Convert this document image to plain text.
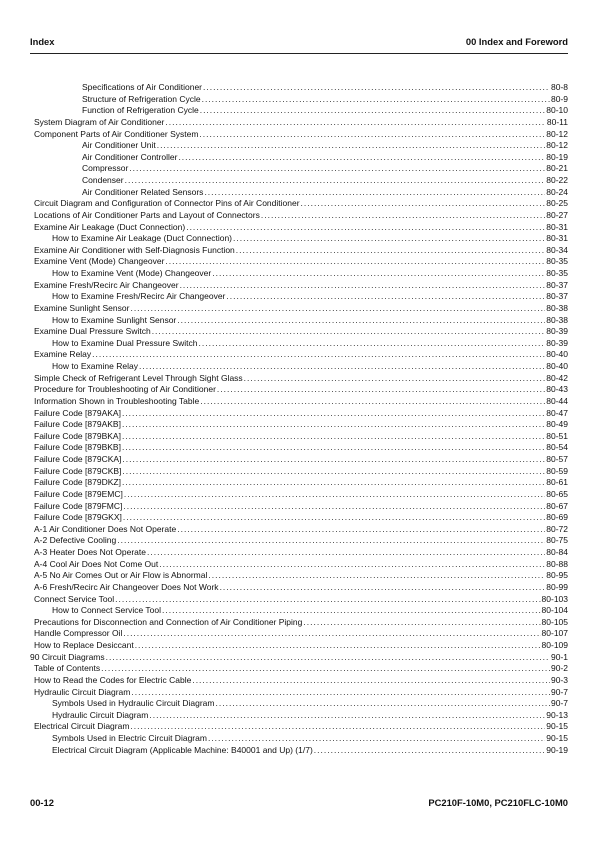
Index	00 Index and Foreword
Specifications of Air Conditioner .....	80-8
Structure of Refrigeration Cycle .....	80-9
Function of Refrigeration Cycle .....	80-10
System Diagram of Air Conditioner .....	80-11
Component Parts of Air Conditioner System .....	80-12
Air Conditioner Unit .....	80-12
Air Conditioner Controller .....	80-19
Compressor .....	80-21
Condenser .....	80-22
Air Conditioner Related Sensors .....	80-24
Circuit Diagram and Configuration of Connector Pins of Air Conditioner .....	80-25
Locations of Air Conditioner Parts and Layout of Connectors .....	80-27
Examine Air Leakage (Duct Connection) .....	80-31
How to Examine Air Leakage (Duct Connection) .....	80-31
Examine Air Conditioner with Self-Diagnosis Function .....	80-34
Examine Vent (Mode) Changeover .....	80-35
How to Examine Vent (Mode) Changeover .....	80-35
Examine Fresh/Recirc Air Changeover .....	80-37
How to Examine Fresh/Recirc Air Changeover .....	80-37
Examine Sunlight Sensor .....	80-38
How to Examine Sunlight Sensor .....	80-38
Examine Dual Pressure Switch .....	80-39
How to Examine Dual Pressure Switch .....	80-39
Examine Relay .....	80-40
How to Examine Relay .....	80-40
Simple Check of Refrigerant Level Through Sight Glass .....	80-42
Procedure for Troubleshooting of Air Conditioner .....	80-43
Information Shown in Troubleshooting Table .....	80-44
Failure Code [879AKA] .....	80-47
Failure Code [879AKB] .....	80-49
Failure Code [879BKA] .....	80-51
Failure Code [879BKB] .....	80-54
Failure Code [879CKA] .....	80-57
Failure Code [879CKB] .....	80-59
Failure Code [879DKZ] .....	80-61
Failure Code [879EMC] .....	80-65
Failure Code [879FMC] .....	80-67
Failure Code [879GKX] .....	80-69
A-1 Air Conditioner Does Not Operate .....	80-72
A-2 Defective Cooling .....	80-75
A-3 Heater Does Not Operate .....	80-84
A-4 Cool Air Does Not Come Out .....	80-88
A-5 No Air Comes Out or Air Flow is Abnormal .....	80-95
A-6 Fresh/Recirc Air Changeover Does Not Work .....	80-99
Connect Service Tool .....	80-103
How to Connect Service Tool .....	80-104
Precautions for Disconnection and Connection of Air Conditioner Piping .....	80-105
Handle Compressor Oil .....	80-107
How to Replace Desiccant .....	80-109
90 Circuit Diagrams .....	90-1
Table of Contents .....	90-2
How to Read the Codes for Electric Cable .....	90-3
Hydraulic Circuit Diagram .....	90-7
Symbols Used in Hydraulic Circuit Diagram .....	90-7
Hydraulic Circuit Diagram .....	90-13
Electrical Circuit Diagram .....	90-15
Symbols Used in Electric Circuit Diagram .....	90-15
Electrical Circuit Diagram (Applicable Machine: B40001 and Up) (1/7) .....	90-19
00-12	PC210F-10M0, PC210FLC-10M0
